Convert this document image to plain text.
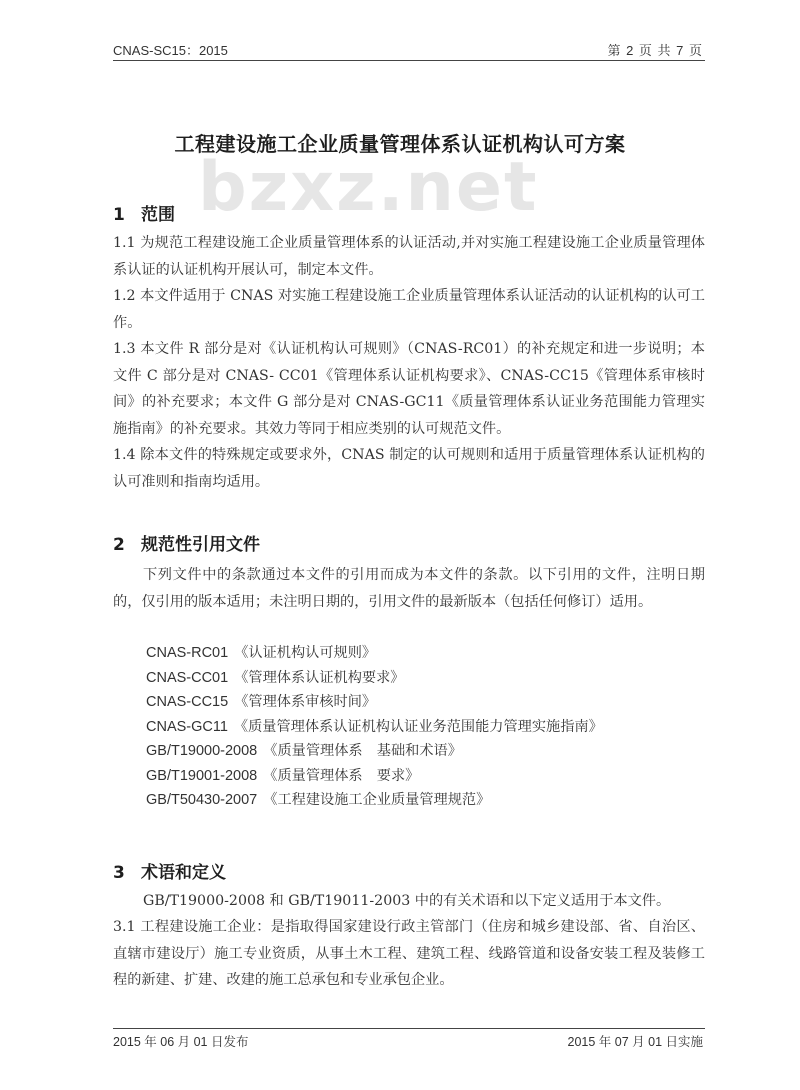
CNAS-SC15：2015	第 2 页 共 7 页
bzxz.net
工程建设施工企业质量管理体系认证机构认可方案
1 范围
1.1 为规范工程建设施工企业质量管理体系的认证活动,并对实施工程建设施工企业质量管理体系认证的认证机构开展认可，制定本文件。
1.2 本文件适用于 CNAS 对实施工程建设施工企业质量管理体系认证活动的认证机构的认可工作。
1.3 本文件 R 部分是对《认证机构认可规则》（CNAS-RC01）的补充规定和进一步说明；本文件 C 部分是对 CNAS- CC01《管理体系认证机构要求》、CNAS-CC15《管理体系审核时间》的补充要求；本文件 G 部分是对 CNAS-GC11《质量管理体系认证业务范围能力管理实施指南》的补充要求。其效力等同于相应类别的认可规范文件。
1.4 除本文件的特殊规定或要求外，CNAS 制定的认可规则和适用于质量管理体系认证机构的认可准则和指南均适用。
2 规范性引用文件
下列文件中的条款通过本文件的引用而成为本文件的条款。以下引用的文件，注明日期的，仅引用的版本适用；未注明日期的，引用文件的最新版本（包括任何修订）适用。
CNAS-RC01 《认证机构认可规则》
CNAS-CC01 《管理体系认证机构要求》
CNAS-CC15 《管理体系审核时间》
CNAS-GC11 《质量管理体系认证机构认证业务范围能力管理实施指南》
GB/T19000-2008 《质量管理体系　基础和术语》
GB/T19001-2008 《质量管理体系　要求》
GB/T50430-2007 《工程建设施工企业质量管理规范》
3 术语和定义
GB/T19000-2008 和 GB/T19011-2003 中的有关术语和以下定义适用于本文件。
3.1 工程建设施工企业：是指取得国家建设行政主管部门（住房和城乡建设部、省、自治区、直辖市建设厅）施工专业资质，从事土木工程、建筑工程、线路管道和设备安装工程及装修工程的新建、扩建、改建的施工总承包和专业承包企业。
2015 年 06 月 01 日发布	2015 年 07 月 01 日实施
